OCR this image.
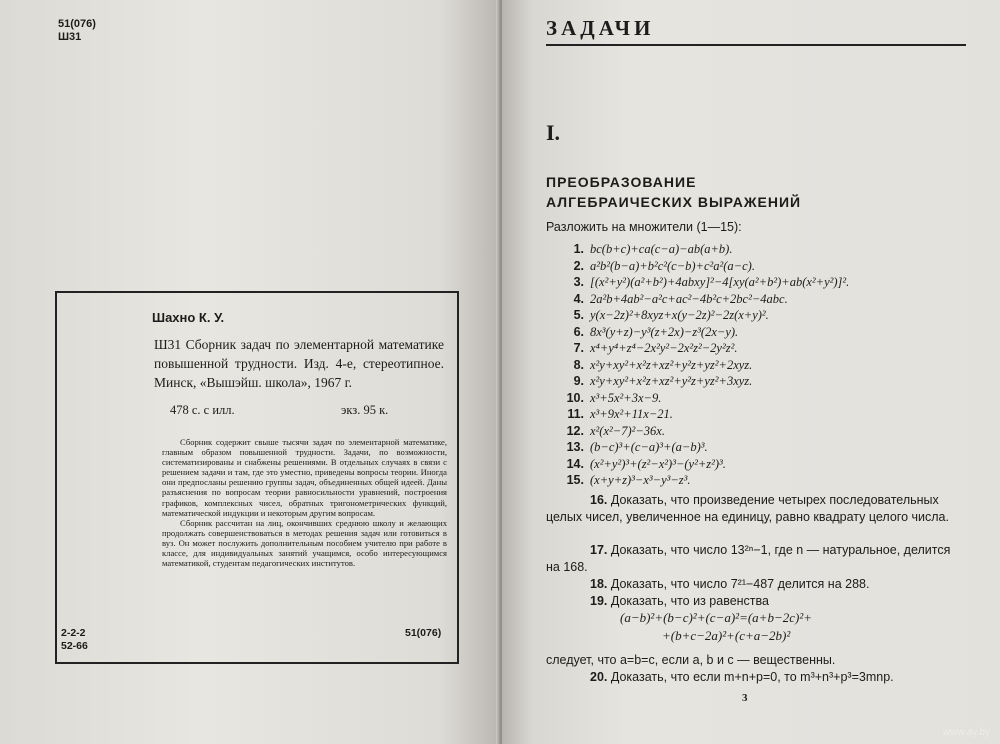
51(076)
Ш31
Шахно К. У.
Ш31 Сборник задач по элементарной математике повышенной трудности. Изд. 4-е, стереотипное. Минск, «Вышэйш. школа», 1967 г.
478 с. с илл.	экз. 95 к.

Сборник содержит свыше тысячи задач по элементарной математике, главным образом повышенной трудности. Задачи, по возможности, систематизированы и снабжены решениями. В отдельных случаях в связи с решением задачи и там, где это уместно, приведены вопросы теории. Иногда они предпосланы решению группы задач, объединенных общей идеей. Даны разъяснения по вопросам теории равносильности уравнений, построения графиков, комплексных чисел, обратных тригонометрических функций, математической индукции и некоторым другим вопросам.

Сборник рассчитан на лиц, окончивших среднюю школу и желающих продолжать совершенствоваться в методах решения задач или готовиться в вуз. Он может послужить дополнительным пособием учителю при работе в классе, для индивидуальных занятий учащимся, особо интересующимся математикой, студентам педагогических институтов.

2-2-2
52-66
51(076)
ЗАДАЧИ
I.
ПРЕОБРАЗОВАНИЕ
АЛГЕБРАИЧЕСКИХ ВЫРАЖЕНИЙ
Разложить на множители (1—15):
1. bc(b+c)+ca(c−a)−ab(a+b).
2. a²b²(b−a)+b²c²(c−b)+c²a²(a−c).
3. [(x²+y²)(a²+b²)+4abxy]²−4[xy(a²+b²)+ab(x²+y²)]².
4. 2a²b+4ab²−a²c+ac²−4b²c+2bc²−4abc.
5. y(x−2z)²+8xyz+x(y−2z)²−2z(x+y)².
6. 8x³(y+z)−y³(z+2x)−z³(2x−y).
7. x⁴+y⁴+z⁴−2x²y²−2x²z²−2y²z².
8. x²y+xy²+x²z+xz²+y²z+yz²+2xyz.
9. x²y+xy²+x²z+xz²+y²z+yz²+3xyz.
10. x³+5x²+3x−9.
11. x³+9x²+11x−21.
12. x²(x²−7)²−36x.
13. (b−c)³+(c−a)³+(a−b)³.
14. (x²+y²)³+(z²−x²)³−(y²+z²)³.
15. (x+y+z)³−x³−y³−z³.
16. Доказать, что произведение четырех последовательных целых чисел, увеличенное на единицу, равно квадрату целого числа.
17. Доказать, что число 13²ⁿ−1, где n — натуральное, делится на 168.
18. Доказать, что число 7²¹−487 делится на 288.
19. Доказать, что из равенства
(a−b)²+(b−c)²+(c−a)²=(a+b−2c)²+
+(b+c−2a)²+(c+a−2b)²
следует, что a=b=c, если a, b и c — вещественны.
20. Доказать, что если m+n+p=0, то m³+n³+p³=3mnp.
3
www.ay.by
